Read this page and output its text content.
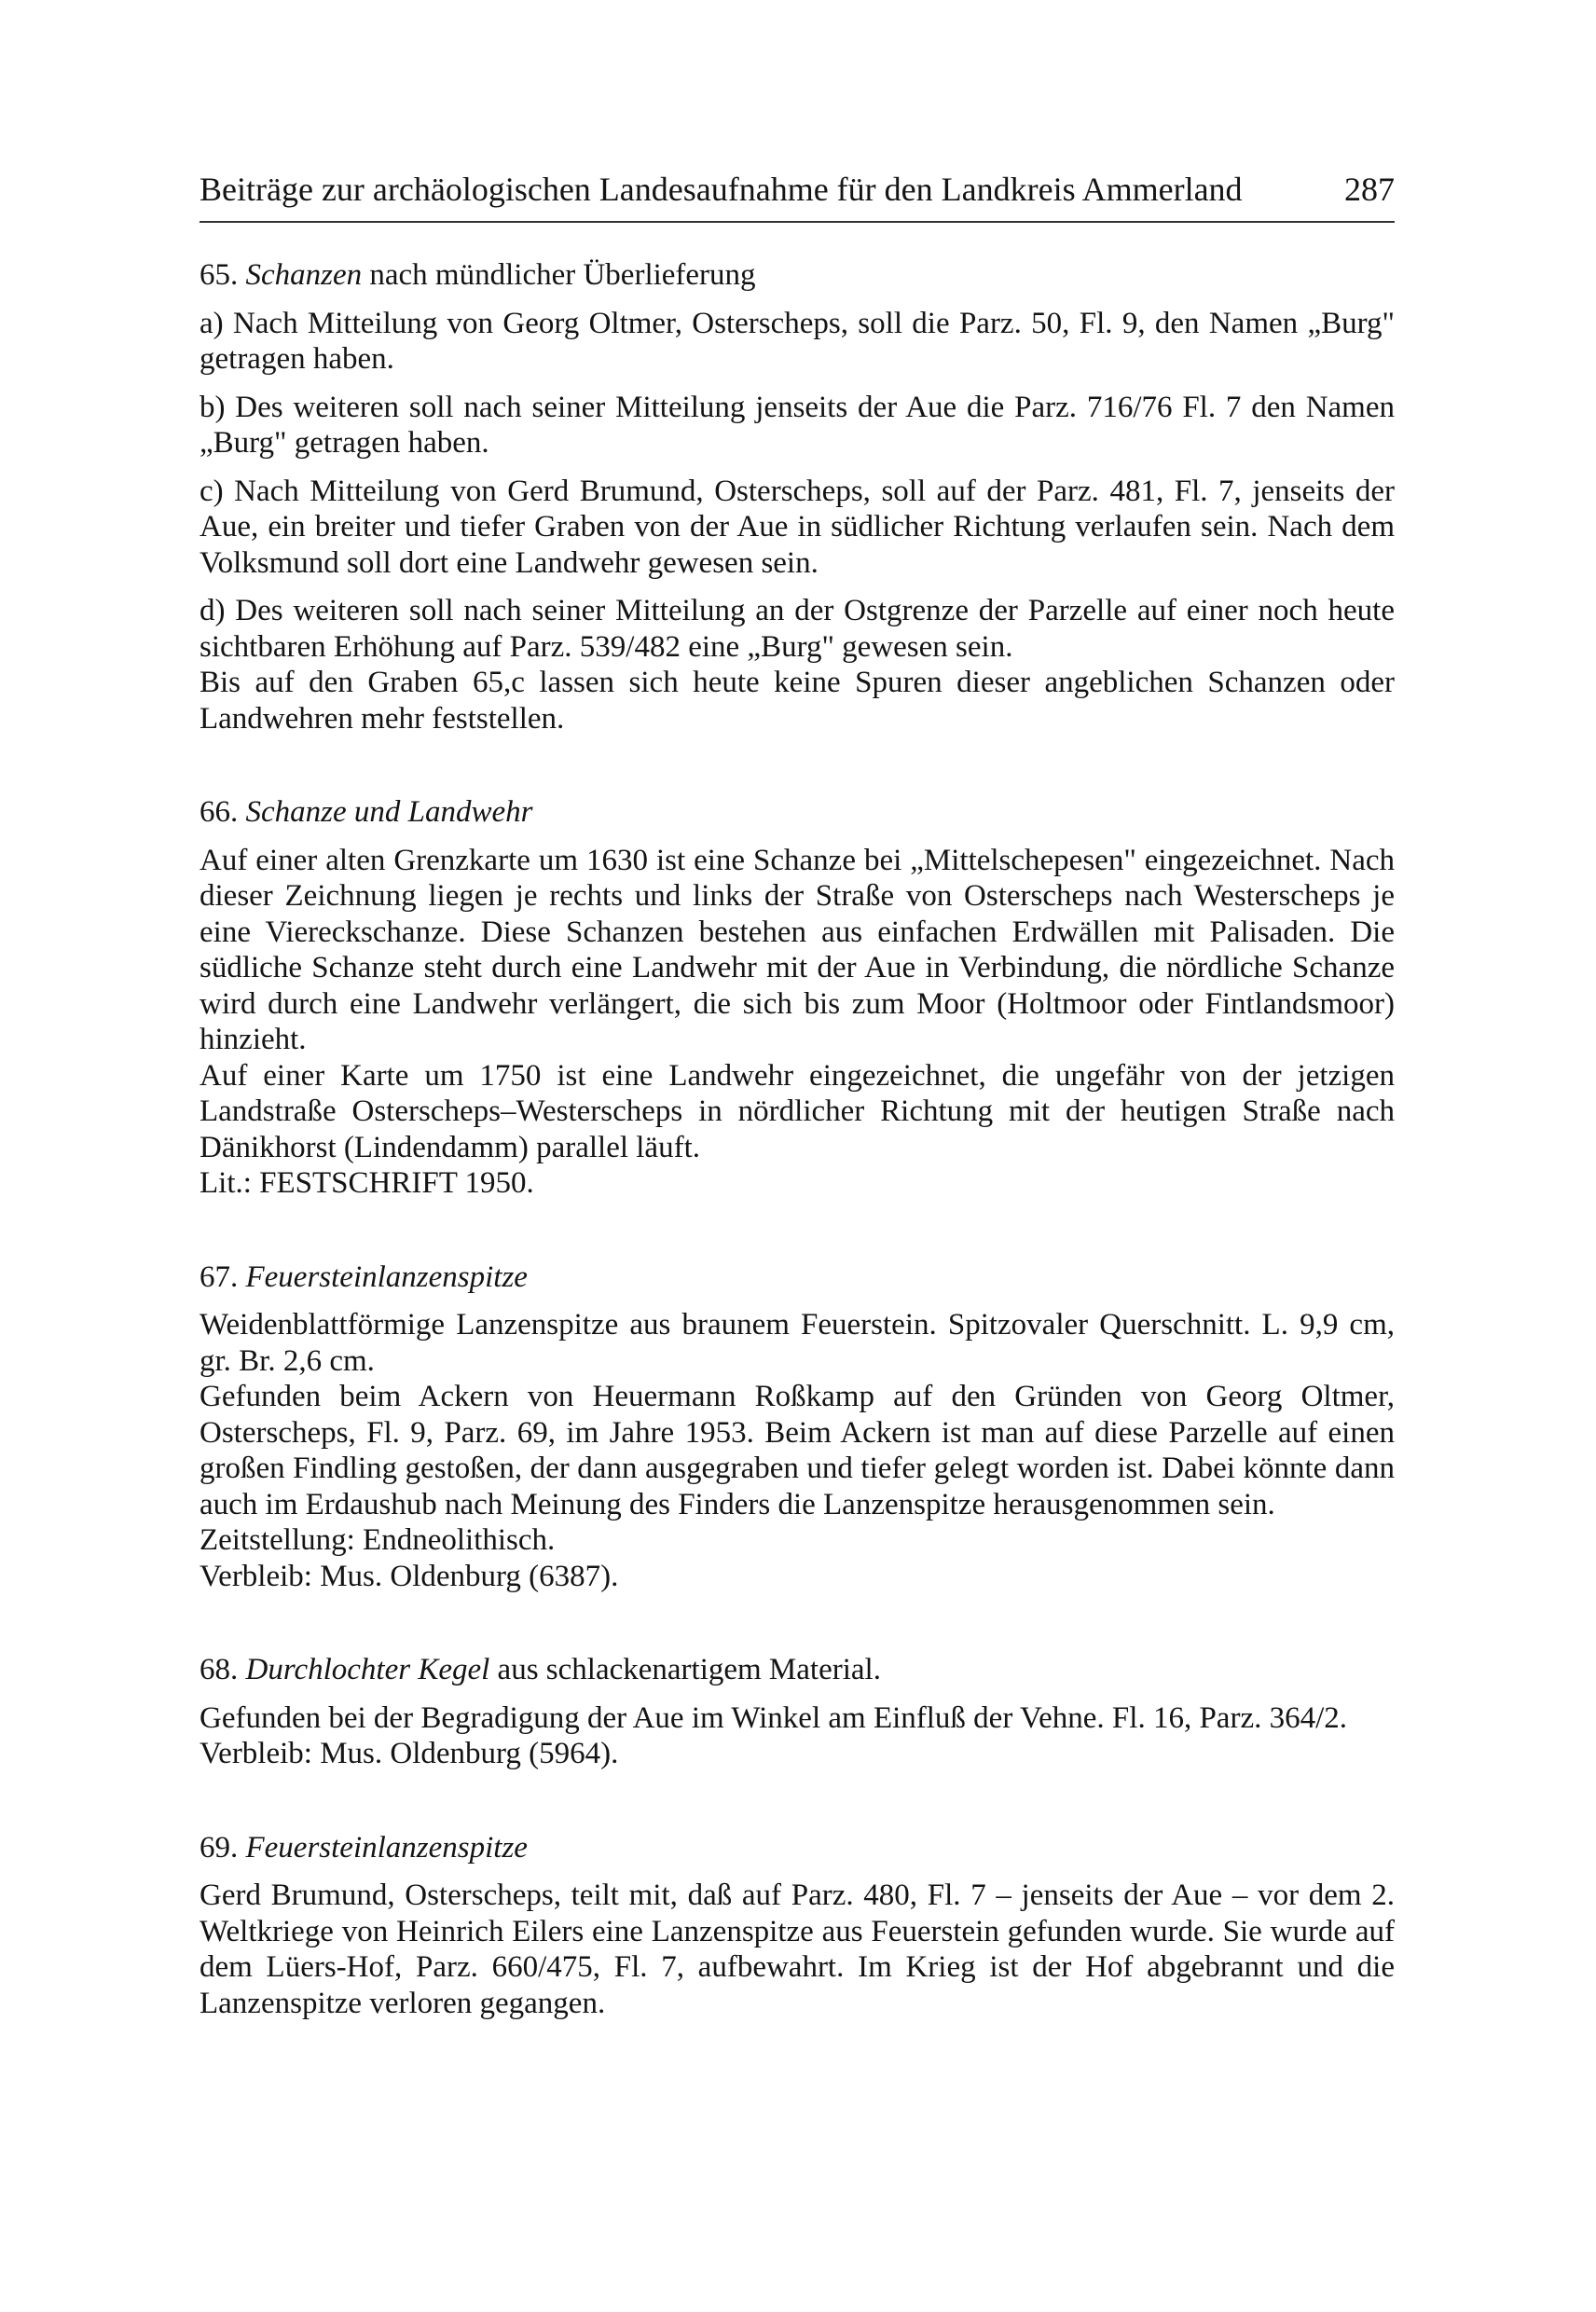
Beiträge zur archäologischen Landesaufnahme für den Landkreis Ammerland	287

65. Schanzen nach mündlicher Überlieferung

a) Nach Mitteilung von Georg Oltmer, Osterscheps, soll die Parz. 50, Fl. 9, den Namen „Burg" getragen haben.

b) Des weiteren soll nach seiner Mitteilung jenseits der Aue die Parz. 716/76 Fl. 7 den Namen „Burg" getragen haben.

c) Nach Mitteilung von Gerd Brumund, Osterscheps, soll auf der Parz. 481, Fl. 7, jenseits der Aue, ein breiter und tiefer Graben von der Aue in südlicher Richtung verlaufen sein. Nach dem Volksmund soll dort eine Landwehr gewesen sein.

d) Des weiteren soll nach seiner Mitteilung an der Ostgrenze der Parzelle auf einer noch heute sichtbaren Erhöhung auf Parz. 539/482 eine „Burg" gewesen sein.

Bis auf den Graben 65,c lassen sich heute keine Spuren dieser angeblichen Schanzen oder Landwehren mehr feststellen.

66. Schanze und Landwehr

Auf einer alten Grenzkarte um 1630 ist eine Schanze bei „Mittelschepesen" eingezeichnet. Nach dieser Zeichnung liegen je rechts und links der Straße von Osterscheps nach Westerscheps je eine Viereckschanze. Diese Schanzen bestehen aus einfachen Erdwällen mit Palisaden. Die südliche Schanze steht durch eine Landwehr mit der Aue in Verbindung, die nördliche Schanze wird durch eine Landwehr verlängert, die sich bis zum Moor (Holtmoor oder Fintlandsmoor) hinzieht.

Auf einer Karte um 1750 ist eine Landwehr eingezeichnet, die ungefähr von der jetzigen Landstraße Osterscheps–Westerscheps in nördlicher Richtung mit der heutigen Straße nach Dänikhorst (Lindendamm) parallel läuft.

Lit.: FESTSCHRIFT 1950.

67. Feuersteinlanzenspitze

Weidenblattförmige Lanzenspitze aus braunem Feuerstein. Spitzovaler Querschnitt. L. 9,9 cm, gr. Br. 2,6 cm.

Gefunden beim Ackern von Heuermann Roßkamp auf den Gründen von Georg Oltmer, Osterscheps, Fl. 9, Parz. 69, im Jahre 1953. Beim Ackern ist man auf diese Parzelle auf einen großen Findling gestoßen, der dann ausgegraben und tiefer gelegt worden ist. Dabei könnte dann auch im Erdaushub nach Meinung des Finders die Lanzenspitze herausgenommen sein.

Zeitstellung: Endneolithisch.

Verbleib: Mus. Oldenburg (6387).

68. Durchlochter Kegel aus schlackenartigem Material.

Gefunden bei der Begradigung der Aue im Winkel am Einfluß der Vehne. Fl. 16, Parz. 364/2.

Verbleib: Mus. Oldenburg (5964).

69. Feuersteinlanzenspitze

Gerd Brumund, Osterscheps, teilt mit, daß auf Parz. 480, Fl. 7 – jenseits der Aue – vor dem 2. Weltkriege von Heinrich Eilers eine Lanzenspitze aus Feuerstein gefunden wurde. Sie wurde auf dem Lüers-Hof, Parz. 660/475, Fl. 7, aufbewahrt. Im Krieg ist der Hof abgebrannt und die Lanzenspitze verloren gegangen.
